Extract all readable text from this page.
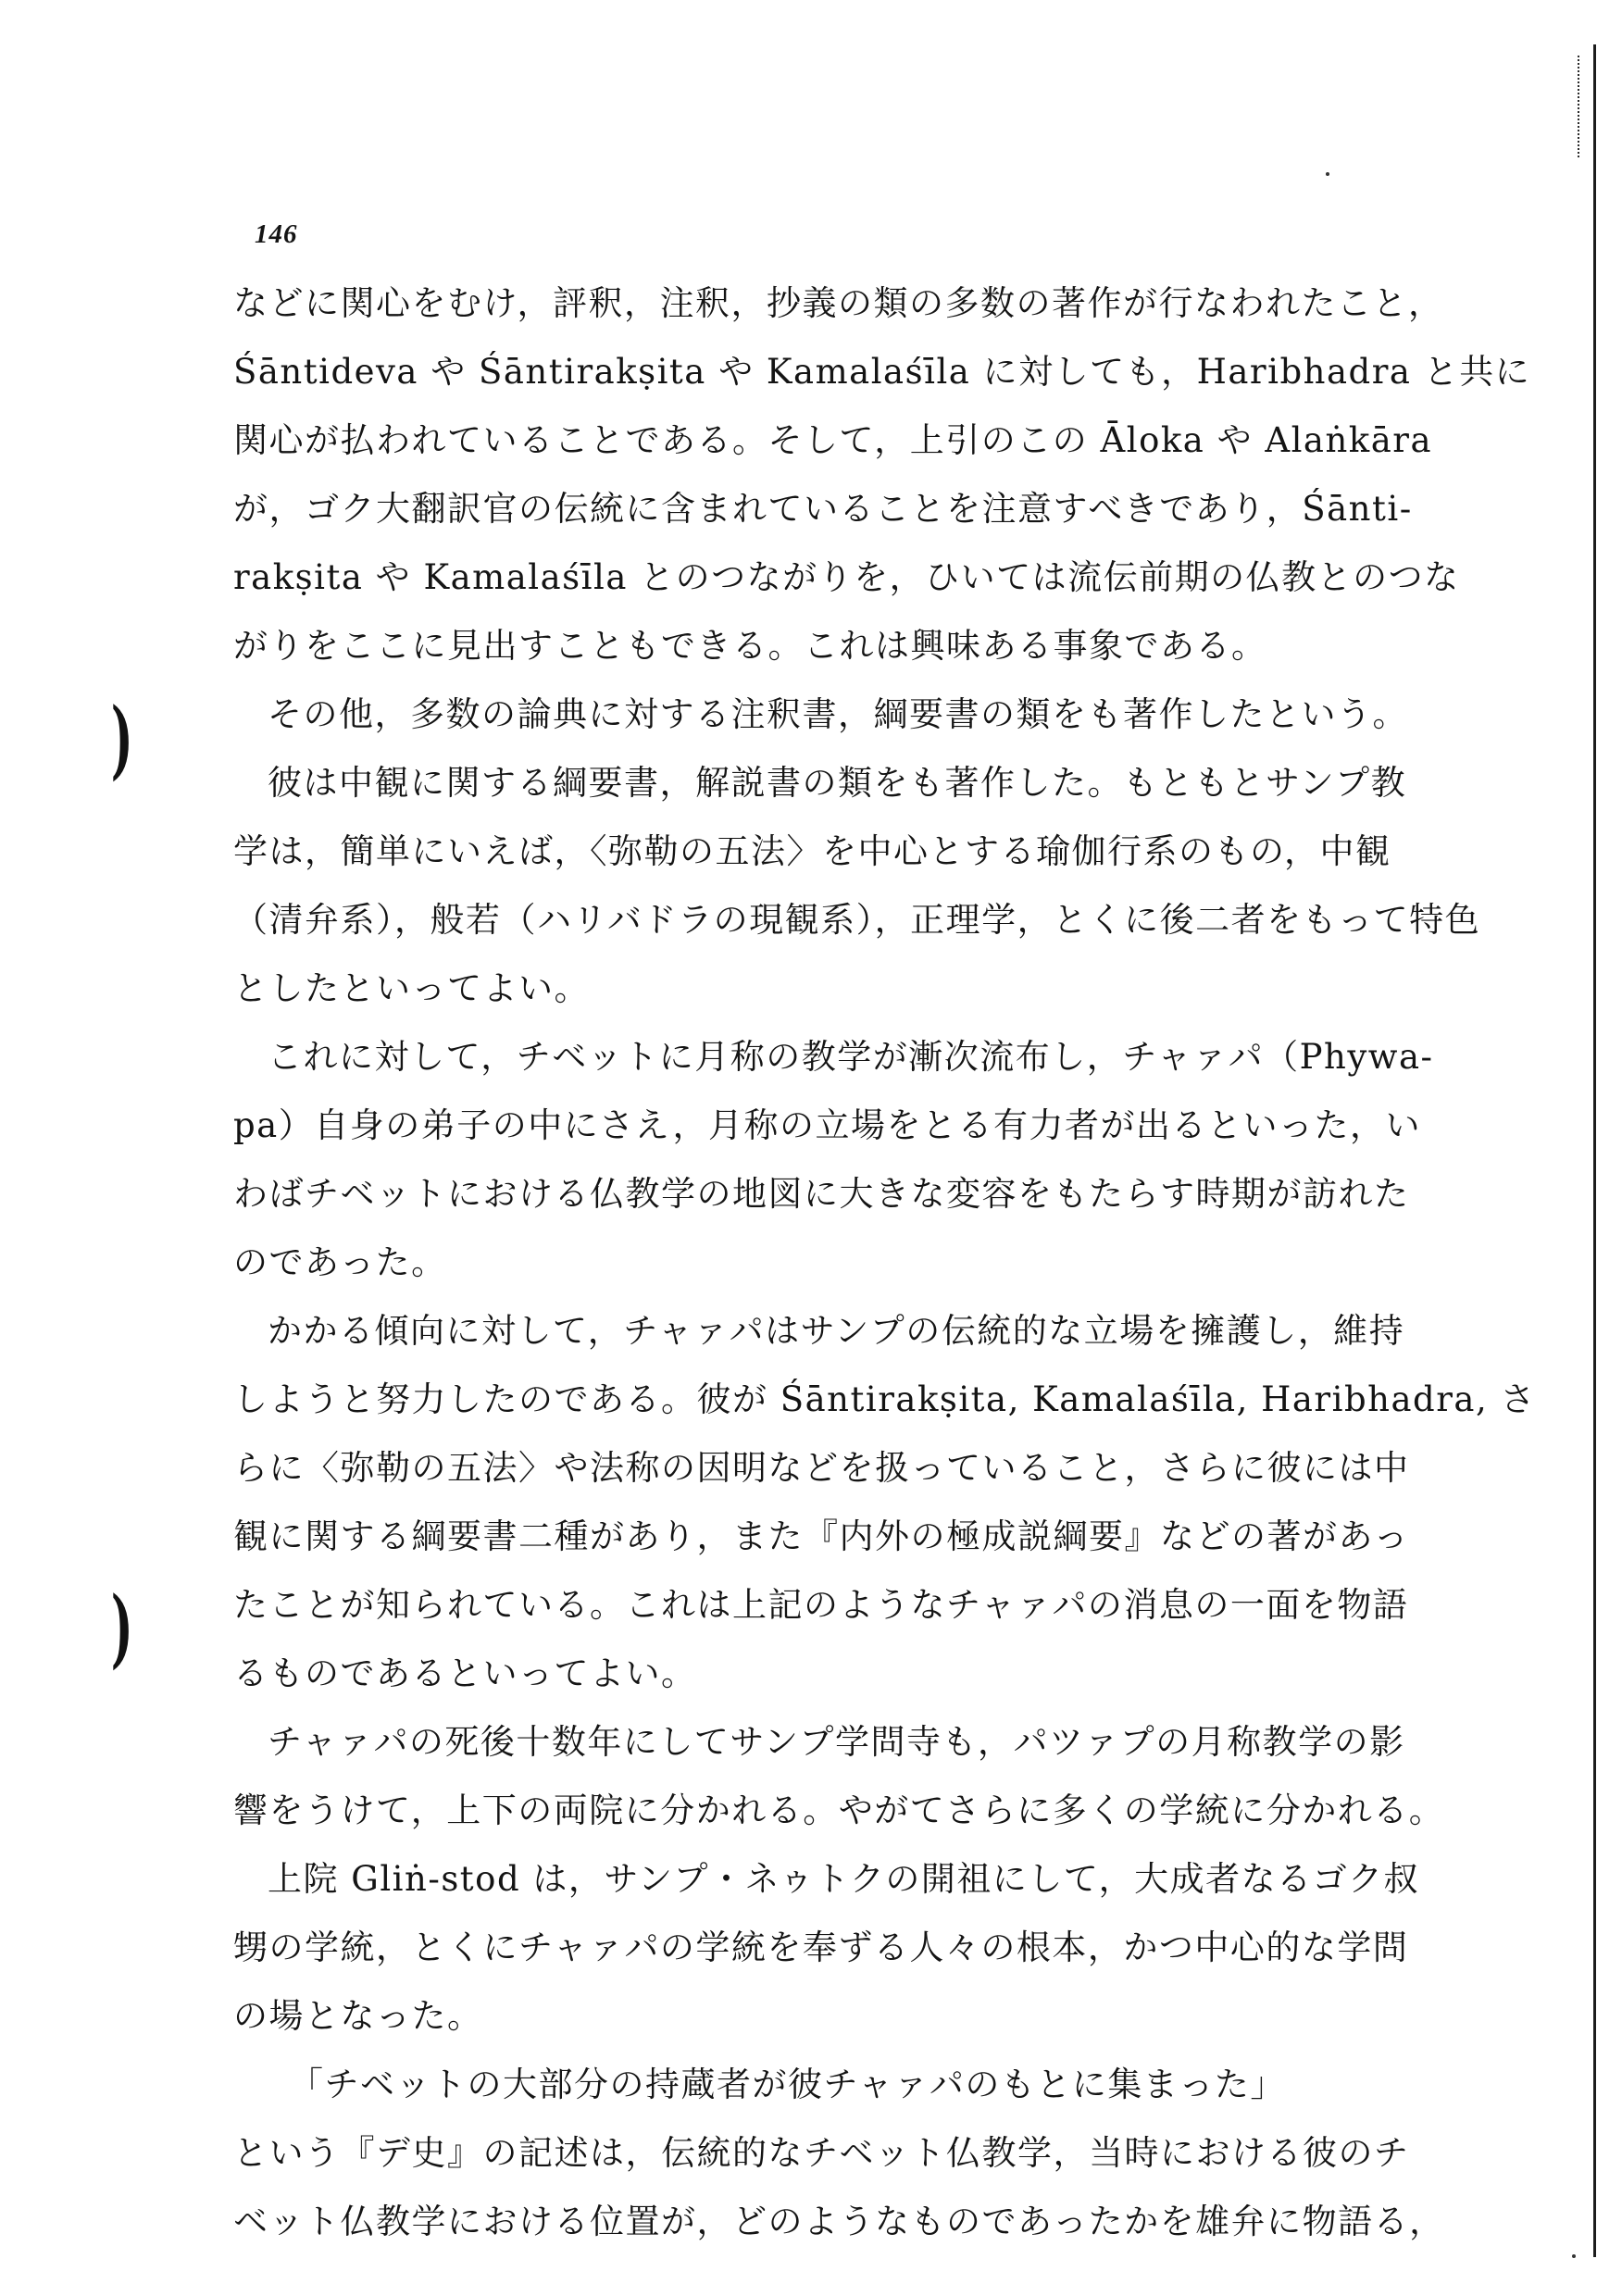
)
)
146
などに関心をむけ，評釈，注釈，抄義の類の多数の著作が行なわれたこと，
Śāntideva や Śāntirakṣita や Kamalaśīla に対しても，Haribhadra と共に
関心が払われていることである。そして，上引のこの Āloka や Alaṅkāra
が，ゴク大翻訳官の伝統に含まれていることを注意すべきであり，Śānti-
rakṣita や Kamalaśīla とのつながりを，ひいては流伝前期の仏教とのつな
がりをここに見出すこともできる。これは興味ある事象である。
その他，多数の論典に対する注釈書，綱要書の類をも著作したという。
彼は中観に関する綱要書，解説書の類をも著作した。もともとサンプ教
学は，簡単にいえば，〈弥勒の五法〉を中心とする瑜伽行系のもの，中観
（清弁系），般若（ハリバドラの現観系），正理学，とくに後二者をもって特色
としたといってよい。
これに対して，チベットに月称の教学が漸次流布し，チャァパ（Phywa-
pa）自身の弟子の中にさえ，月称の立場をとる有力者が出るといった，い
わばチベットにおける仏教学の地図に大きな変容をもたらす時期が訪れた
のであった。
かかる傾向に対して，チャァパはサンプの伝統的な立場を擁護し，維持
しようと努力したのである。彼が Śāntirakṣita, Kamalaśīla, Haribhadra, さ
らに〈弥勒の五法〉や法称の因明などを扱っていること，さらに彼には中
観に関する綱要書二種があり，また『内外の極成説綱要』などの著があっ
たことが知られている。これは上記のようなチャァパの消息の一面を物語
るものであるといってよい。
チャァパの死後十数年にしてサンプ学問寺も，パツァプの月称教学の影
響をうけて，上下の両院に分かれる。やがてさらに多くの学統に分かれる。
上院 Gliṅ-stod は，サンプ・ネゥトクの開祖にして，大成者なるゴク叔
甥の学統，とくにチャァパの学統を奉ずる人々の根本，かつ中心的な学問
の場となった。
「チベットの大部分の持蔵者が彼チャァパのもとに集まった」
という『デ史』の記述は，伝統的なチベット仏教学，当時における彼のチ
ベット仏教学における位置が，どのようなものであったかを雄弁に物語る，
